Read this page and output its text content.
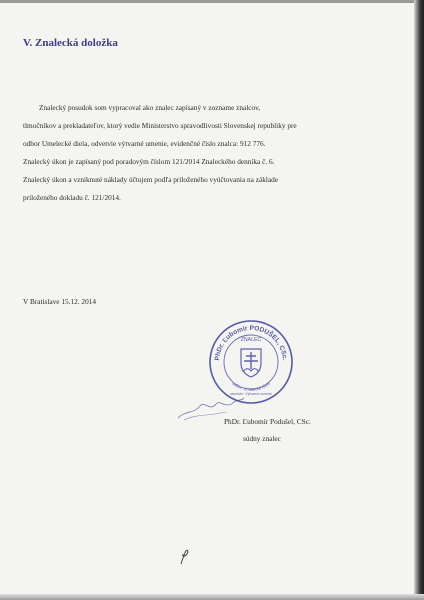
V. Znalecká doložka
Znalecký posudok som vypracoval ako znalec zapísaný v zozname znalcov,
tlmočníkov a prekladateľov, ktorý vedie Ministerstvo spravodlivosti Slovenskej republiky pre
odbor Umelecké diela, odvetvie výtvarné umenie, evidenčné číslo znalca: 912 776.
Znalecký úkon je zapísaný pod poradovým číslom 121/2014 Znaleckého denníka č. 6.
Znalecký úkon a vzniknuté náklady účtujem podľa priloženého vyúčtovania na základe
priloženého dokladu č. 121/2014.

V Bratislave 15.12. 2014

PhDr. Ľubomír PODUŠEL, CSc.
ZNALEC
odbor: Umelecké diela
odvetvie: Výtvarné umenie

PhDr. Ľubomír Podušel, CSc.

súdny znalec
